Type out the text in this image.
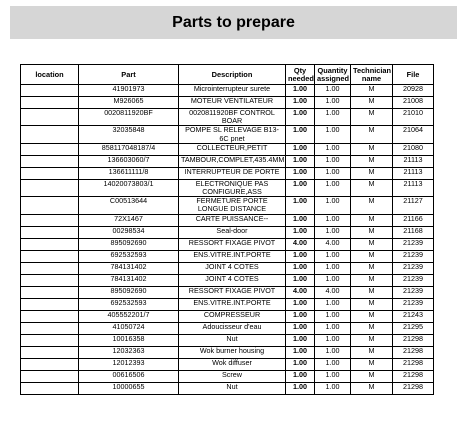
Parts to prepare
location	Part	Description	Qty needed	Quantity assigned	Technician name	File
	41901973	Microinterrupteur surete	1.00	1.00	M	20928
	M926065	MOTEUR VENTILATEUR	1.00	1.00	M	21008
	0020811920BF	0020811920BF CONTROL BOAR	1.00	1.00	M	21010
	32035848	POMPE SL RELEVAGE B13-6C pnet	1.00	1.00	M	21064
	858117048187/4	COLLECTEUR,PETIT	1.00	1.00	M	21080
	136603060/7	TAMBOUR,COMPLET,435.4MM	1.00	1.00	M	21113
	136611111/8	INTERRUPTEUR DE PORTE	1.00	1.00	M	21113
	14020073803/1	ELECTRONIQUE PAS CONFIGURE,ASS	1.00	1.00	M	21113
	C00513644	FERMETURE PORTE LONGUE DISTANCE	1.00	1.00	M	21127
	72X1467	CARTE PUISSANCE--	1.00	1.00	M	21166
	00298534	Seal-door	1.00	1.00	M	21168
	895092690	RESSORT FIXAGE PIVOT	4.00	4.00	M	21239
	692532593	ENS.VITRE.INT.PORTE	1.00	1.00	M	21239
	784131402	JOINT 4 COTES	1.00	1.00	M	21239
	784131402	JOINT 4 COTES	1.00	1.00	M	21239
	895092690	RESSORT FIXAGE PIVOT	4.00	4.00	M	21239
	692532593	ENS.VITRE.INT.PORTE	1.00	1.00	M	21239
	405552201/7	COMPRESSEUR	1.00	1.00	M	21243
	41050724	Adoucisseur d'eau	1.00	1.00	M	21295
	10016358	Nut	1.00	1.00	M	21298
	12032363	Wok burner housing	1.00	1.00	M	21298
	12012393	Wok diffuser	1.00	1.00	M	21298
	00616506	Screw	1.00	1.00	M	21298
	10000655	Nut	1.00	1.00	M	21298
